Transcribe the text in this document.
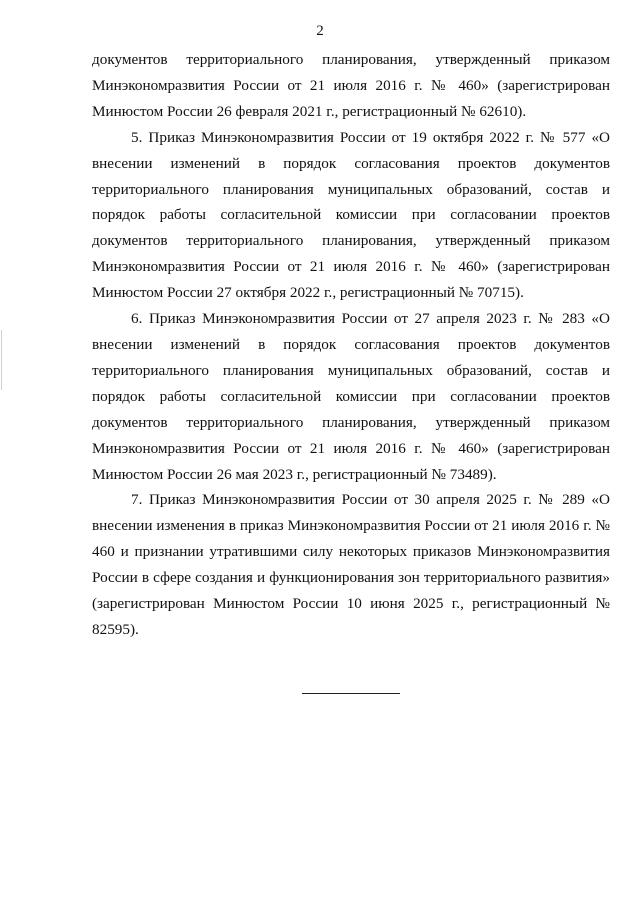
2

документов территориального планирования, утвержденный приказом Минэкономразвития России от 21 июля 2016 г. № 460» (зарегистрирован Минюстом России 26 февраля 2021 г., регистрационный № 62610).

5. Приказ Минэкономразвития России от 19 октября 2022 г. № 577 «О внесении изменений в порядок согласования проектов документов территориального планирования муниципальных образований, состав и порядок работы согласительной комиссии при согласовании проектов документов территориального планирования, утвержденный приказом Минэкономразвития России от 21 июля 2016 г. № 460» (зарегистрирован Минюстом России 27 октября 2022 г., регистрационный № 70715).

6. Приказ Минэкономразвития России от 27 апреля 2023 г. № 283 «О внесении изменений в порядок согласования проектов документов территориального планирования муниципальных образований, состав и порядок работы согласительной комиссии при согласовании проектов документов территориального планирования, утвержденный приказом Минэкономразвития России от 21 июля 2016 г. № 460» (зарегистрирован Минюстом России 26 мая 2023 г., регистрационный № 73489).

7. Приказ Минэкономразвития России от 30 апреля 2025 г. № 289 «О внесении изменения в приказ Минэкономразвития России от 21 июля 2016 г. № 460 и признании утратившими силу некоторых приказов Минэкономразвития России в сфере создания и функционирования зон территориального развития» (зарегистрирован Минюстом России 10 июня 2025 г., регистрационный № 82595).
